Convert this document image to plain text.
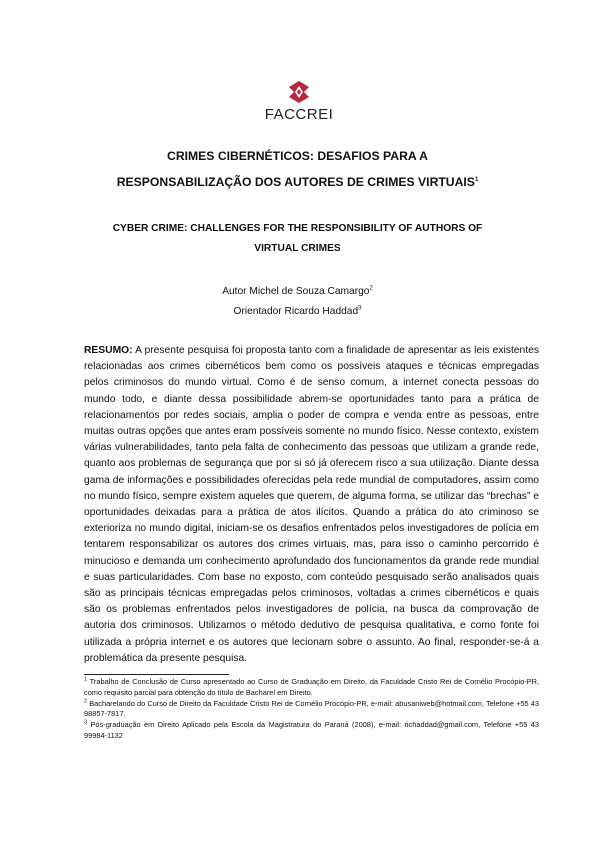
FACCREI
CRIMES CIBERNÉTICOS: DESAFIOS PARA A
RESPONSABILIZAÇÃO DOS AUTORES DE CRIMES VIRTUAIS$^1$
CYBER CRIME: CHALLENGES FOR THE RESPONSIBILITY OF AUTHORS OF
VIRTUAL CRIMES
Autor Michel de Souza Camargo$^2$
Orientador Ricardo Haddad$^3$
RESUMO: A presente pesquisa foi proposta tanto com a finalidade de apresentar as leis existentes relacionadas aos crimes cibernéticos bem como os possíveis ataques e técnicas empregadas pelos criminosos do mundo virtual. Como é de senso comum, a internet conecta pessoas do mundo todo, e diante dessa possibilidade abrem-se oportunidades tanto para a prática de relacionamentos por redes sociais, amplia o poder de compra e venda entre as pessoas, entre muitas outras opções que antes eram possíveis somente no mundo físico. Nesse contexto, existem várias vulnerabilidades, tanto pela falta de conhecimento das pessoas que utilizam a grande rede, quanto aos problemas de segurança que por si só já oferecem risco a sua utilização. Diante dessa gama de informações e possibilidades oferecidas pela rede mundial de computadores, assim como no mundo físico, sempre existem aqueles que querem, de alguma forma, se utilizar das “brechas” e oportunidades deixadas para a prática de atos ilícitos. Quando a prática do ato criminoso se exterioriza no mundo digital, iniciam-se os desafios enfrentados pelos investigadores de polícia em tentarem responsabilizar os autores dos crimes virtuais, mas, para isso o caminho percorrido é minucioso e demanda um conhecimento aprofundado dos funcionamentos da grande rede mundial e suas particularidades. Com base no exposto, com conteúdo pesquisado serão analisados quais são as principais técnicas empregadas pelos criminosos, voltadas a crimes cibernéticos e quais são os problemas enfrentados pelos investigadores de polícia, na busca da comprovação de autoria dos criminosos. Utilizamos o método dedutivo de pesquisa qualitativa, e como fonte foi utilizada a própria internet e os autores que lecionam sobre o assunto. Ao final, responder-se-á a problemática da presente pesquisa.

$^1$ Trabalho de Conclusão de Curso apresentado ao Curso de Graduação em Direito, da Faculdade Cristo Rei de Cornélio Procópio-PR, como requisito parcial para obtenção do título de Bacharel em Direito.

$^2$ Bacharelando do Curso de Direito da Faculdade Cristo Rei de Cornélio Procópio-PR, e-mail: abusaniweb@hotmail.com, Telefone +55 43 98857-7817.

$^3$ Pós-graduação em Direito Aplicado pela Escola da Magistratura do Paraná (2008), e-mail: richaddad@gmail.com, Telefone +55 43 99984-1132
